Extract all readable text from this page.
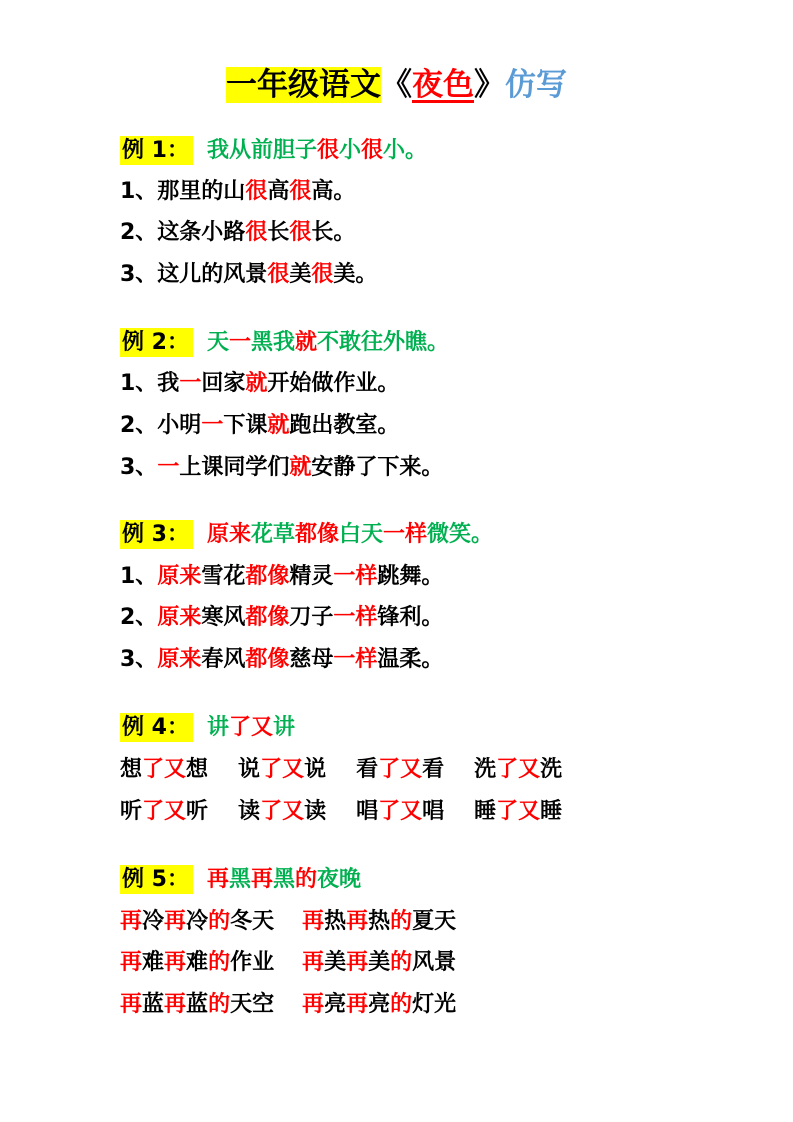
一年级语文《夜色》仿写
例 1： 我从前胆子很小很小。
1、那里的山很高很高。
2、这条小路很长很长。
3、这儿的风景很美很美。
例 2： 天一黑我就不敢往外瞧。
1、我一回家就开始做作业。
2、小明一下课就跑出教室。
3、一上课同学们就安静了下来。
例 3： 原来花草都像白天一样微笑。
1、原来雪花都像精灵一样跳舞。
2、原来寒风都像刀子一样锋利。
3、原来春风都像慈母一样温柔。
例 4： 讲了又讲
想了又想 说了又说 看了又看 洗了又洗
听了又听 读了又读 唱了又唱 睡了又睡
例 5： 再黑再黑的夜晚
再冷再冷的冬天 再热再热的夏天
再难再难的作业 再美再美的风景
再蓝再蓝的天空 再亮再亮的灯光
